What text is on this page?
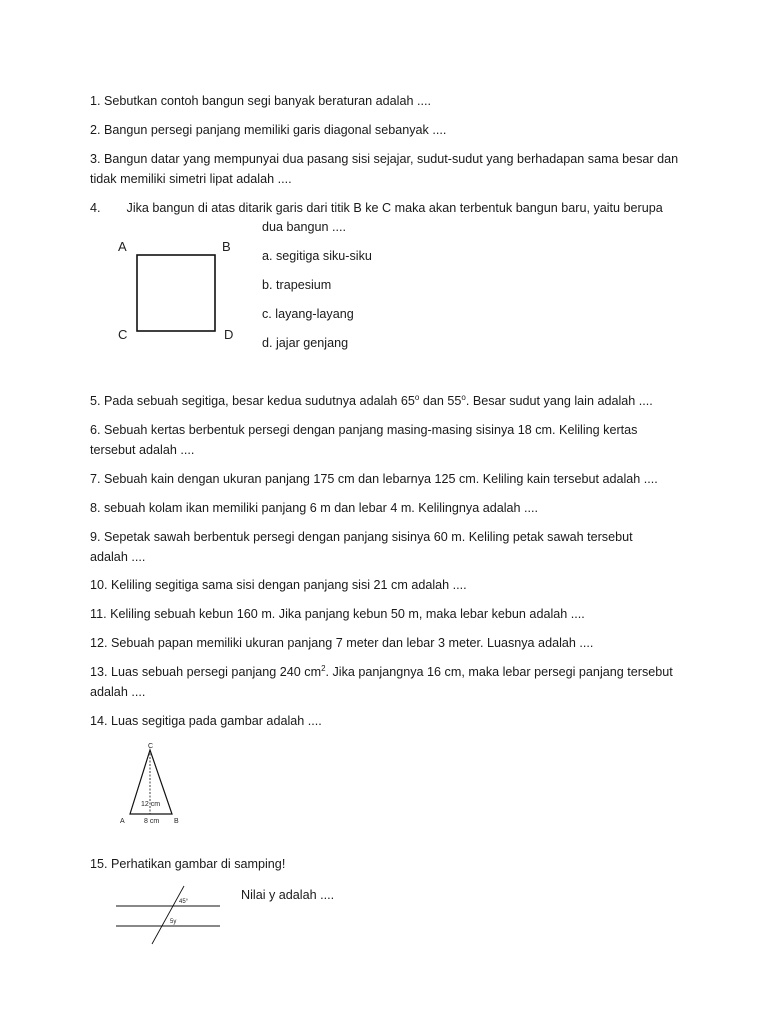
1. Sebutkan contoh bangun segi banyak beraturan adalah ....

2. Bangun persegi panjang memiliki garis diagonal sebanyak ....

3. Bangun datar yang mempunyai dua pasang sisi sejajar, sudut-sudut yang berhadapan sama besar dan
tidak memiliki simetri lipat adalah ....
4. Jika bangun di atas ditarik garis dari titik B ke C maka akan terbentuk bangun baru, yaitu berupa
dua bangun ....
A	B
C	D
a. segitiga siku-siku
b. trapesium
c. layang-layang
d. jajar genjang

5. Pada sebuah segitiga, besar kedua sudutnya adalah 65$^o$ dan 55$^o$. Besar sudut yang lain adalah ....

6. Sebuah kertas berbentuk persegi dengan panjang masing-masing sisinya 18 cm. Keliling kertas
tersebut adalah ....

7. Sebuah kain dengan ukuran panjang 175 cm dan lebarnya 125 cm. Keliling kain tersebut adalah ....

8. sebuah kolam ikan memiliki panjang 6 m dan lebar 4 m. Kelilingnya adalah ....

9. Sepetak sawah berbentuk persegi dengan panjang sisinya 60 m. Keliling petak sawah tersebut
adalah ....

10. Keliling segitiga sama sisi dengan panjang sisi 21 cm adalah ....

11. Keliling sebuah kebun 160 m. Jika panjang kebun 50 m, maka lebar kebun adalah ....

12. Sebuah papan memiliki ukuran panjang 7 meter dan lebar 3 meter. Luasnya adalah ....

13. Luas sebuah persegi panjang 240 $cm^2$. Jika panjangnya 16 cm, maka lebar persegi panjang tersebut
adalah ....

14. Luas segitiga pada gambar adalah ....

C
A	B
12 cm
8 cm

15. Perhatikan gambar di samping!

45°
5y
Nilai y adalah ....
